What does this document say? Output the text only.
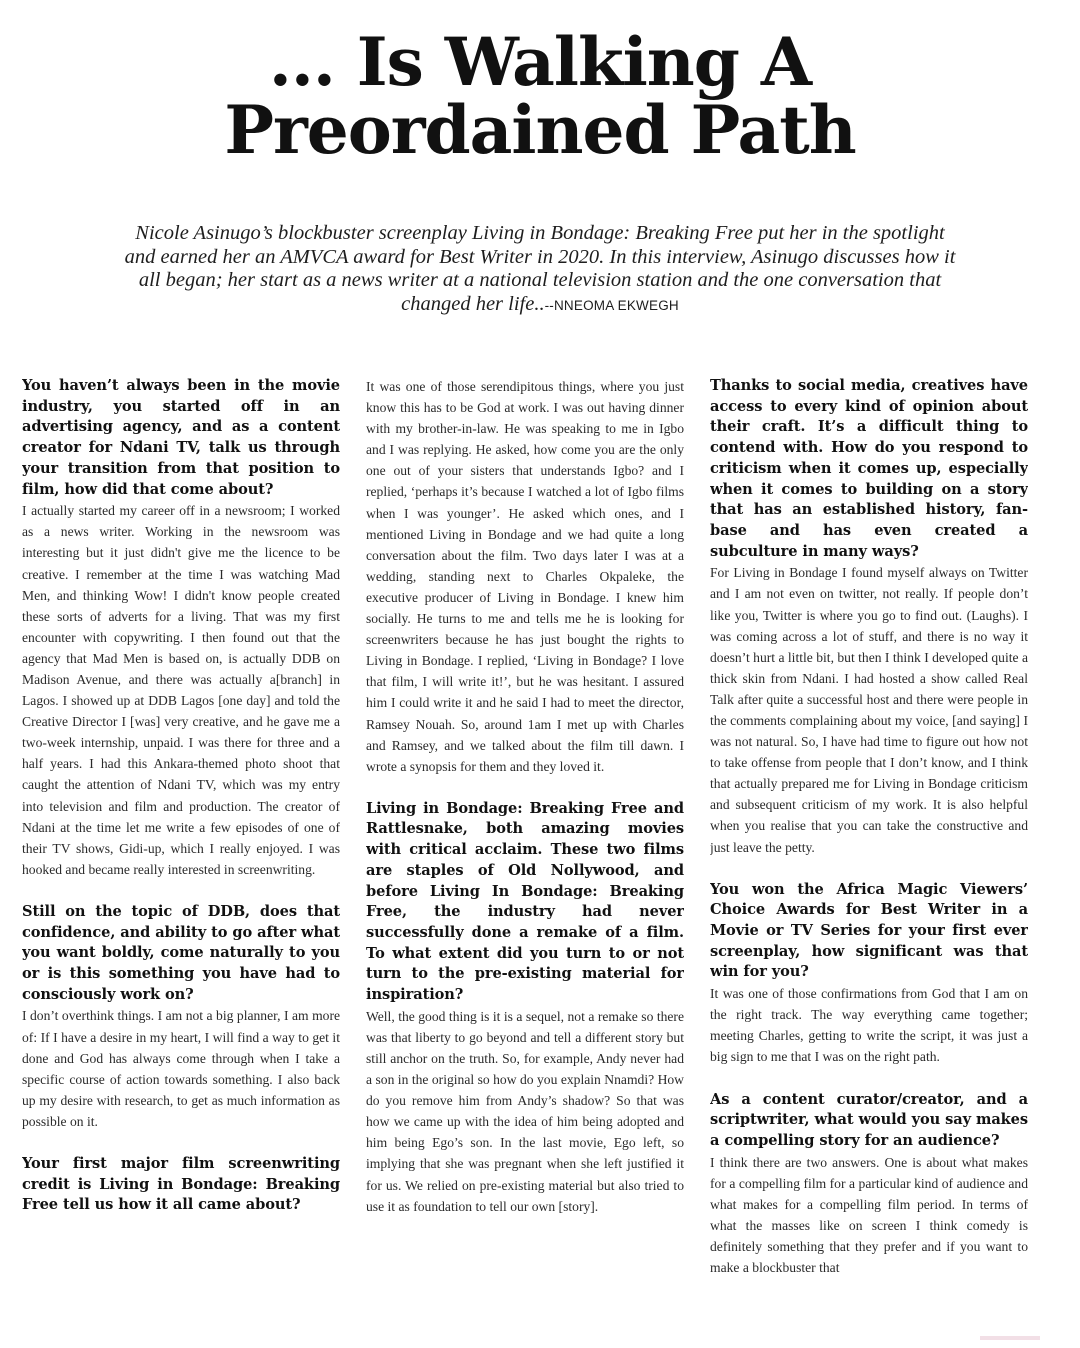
... Is Walking A
Preordained Path

Nicole Asinugo’s blockbuster screenplay Living in Bondage: Breaking Free put her in the spotlight and earned her an AMVCA award for Best Writer in 2020. In this interview, Asinugo discusses how it all began; her start as a news writer at a national television station and the one conversation that changed her life..--NNEOMA EKWEGH

You haven’t always been in the movie industry, you started off in an advertising agency, and as a content creator for Ndani TV, talk us through your transition from that position to film, how did that come about?

I actually started my career off in a newsroom; I worked as a news writer. Working in the newsroom was interesting but it just didn't give me the licence to be creative. I remember at the time I was watching Mad Men, and thinking Wow! I didn't know people created these sorts of adverts for a living. That was my first encounter with copywriting. I then found out that the agency that Mad Men is based on, is actually DDB on Madison Avenue, and there was actually a[branch] in Lagos. I showed up at DDB Lagos [one day] and told the Creative Director I [was] very creative, and he gave me a two-week internship, unpaid. I was there for three and a half years. I had this Ankara-themed photo shoot that caught the attention of Ndani TV, which was my entry into television and film and production. The creator of Ndani at the time let me write a few episodes of one of their TV shows, Gidi-up, which I really enjoyed. I was hooked and became really interested in screenwriting.

Still on the topic of DDB, does that confidence, and ability to go after what you want boldly, come naturally to you or is this something you have had to consciously work on?

I don’t overthink things. I am not a big planner, I am more of: If I have a desire in my heart, I will find a way to get it done and God has always come through when I take a specific course of action towards something. I also back up my desire with research, to get as much information as possible on it.

Your first major film screenwriting credit is Living in Bondage: Breaking Free tell us how it all came about?

It was one of those serendipitous things, where you just know this has to be God at work. I was out having dinner with my brother-in-law. He was speaking to me in Igbo and I was replying. He asked, how come you are the only one out of your sisters that understands Igbo? and I replied, ‘perhaps it’s because I watched a lot of Igbo films when I was younger’. He asked which ones, and I mentioned Living in Bondage and we had quite a long conversation about the film. Two days later I was at a wedding, standing next to Charles Okpaleke, the executive producer of Living in Bondage. I knew him socially. He turns to me and tells me he is looking for screenwriters because he has just bought the rights to Living in Bondage. I replied, ‘Living in Bondage? I love that film, I will write it!’, but he was hesitant. I assured him I could write it and he said I had to meet the director, Ramsey Nouah. So, around 1am I met up with Charles and Ramsey, and we talked about the film till dawn. I wrote a synopsis for them and they loved it.

Living in Bondage: Breaking Free and Rattlesnake, both amazing movies with critical acclaim. These two films are staples of Old Nollywood, and before Living In Bondage: Breaking Free, the industry had never successfully done a remake of a film. To what extent did you turn to or not turn to the pre-existing material for inspiration?

Well, the good thing is it is a sequel, not a remake so there was that liberty to go beyond and tell a different story but still anchor on the truth. So, for example, Andy never had a son in the original so how do you explain Nnamdi? How do you remove him from Andy’s shadow? So that was how we came up with the idea of him being adopted and him being Ego’s son. In the last movie, Ego left, so implying that she was pregnant when she left justified it for us. We relied on pre-existing material but also tried to use it as foundation to tell our own [story].

Thanks to social media, creatives have access to every kind of opinion about their craft. It’s a difficult thing to contend with. How do you respond to criticism when it comes up, especially when it comes to building on a story that has an established history, fan-base and has even created a subculture in many ways?

For Living in Bondage I found myself always on Twitter and I am not even on twitter, not really. If people don’t like you, Twitter is where you go to find out. (Laughs). I was coming across a lot of stuff, and there is no way it doesn’t hurt a little bit, but then I think I developed quite a thick skin from Ndani. I had hosted a show called Real Talk after quite a successful host and there were people in the comments complaining about my voice, [and saying] I was not natural. So, I have had time to figure out how not to take offense from people that I don’t know, and I think that actually prepared me for Living in Bondage criticism and subsequent criticism of my work. It is also helpful when you realise that you can take the constructive and just leave the petty.

You won the Africa Magic Viewers’ Choice Awards for Best Writer in a Movie or TV Series for your first ever screenplay, how significant was that win for you?

It was one of those confirmations from God that I am on the right track. The way everything came together; meeting Charles, getting to write the script, it was just a big sign to me that I was on the right path.

As a content curator/creator, and a scriptwriter, what would you say makes a compelling story for an audience?

I think there are two answers. One is about what makes for a compelling film for a particular kind of audience and what makes for a compelling film period. In terms of what the masses like on screen I think comedy is definitely something that they prefer and if you want to make a blockbuster that
